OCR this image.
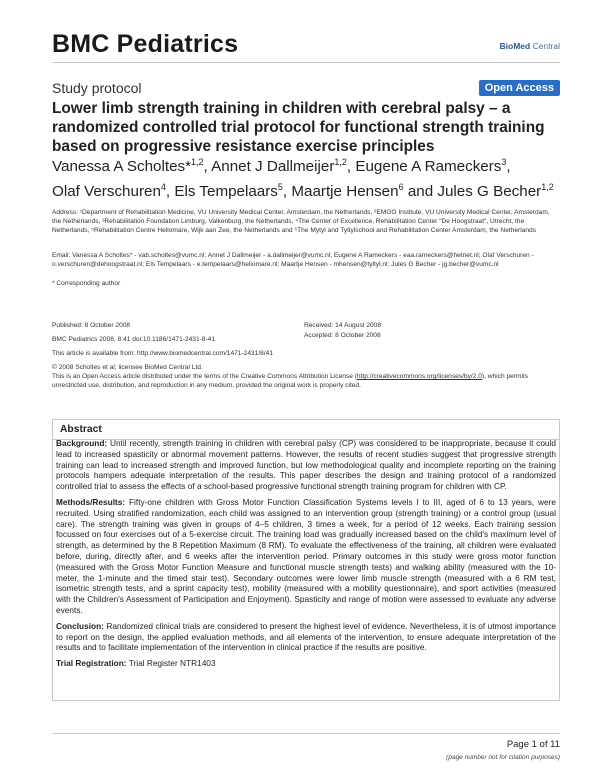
BMC Pediatrics	BioMed Central
Study protocol	Open Access
Lower limb strength training in children with cerebral palsy – a randomized controlled trial protocol for functional strength training based on progressive resistance exercise principles
Vanessa A Scholtes*$^{1,2}$, Annet J Dallmeijer$^{1,2}$, Eugene A Rameckers$^3$,
Olaf Verschuren$^4$, Els Tempelaars$^5$, Maartje Hensen$^6$ and Jules G Becher$^{1,2}$
Address: ¹Department of Rehabilitation Medicine, VU University Medical Center, Amsterdam, the Netherlands, ²EMGO Institute, VU University Medical Center, Amsterdam, the Netherlands, ³Rehabilitation Foundation Limburg, Valkenburg, the Netherlands, ⁴The Center of Excellence, Rehabilitation Center "De Hoogstraat", Utrecht, the Netherlands, ⁵Rehabilitation Centre Heliomare, Wijk aan Zee, the Netherlands and ⁶The Mytyl and Tyltylschool and Rehabilitation Center Amsterdam, the Netherlands
Email: Vanessa A Scholtes* - vab.scholtes@vumc.nl; Annet J Dallmeijer - a.dallmeijer@vumc.nl; Eugene A Rameckers - eaa.rameckers@hetnet.nl; Olaf Verschuren - o.verschuren@dehoogstraat.nl; Els Tempelaars - e.tempelaars@heliomare.nl; Maartje Hensen - mhensen@tyltyl.nl; Jules G Becher - jg.becher@vumc.nl
* Corresponding author
Published: 8 October 2008	Received: 14 August 2008
Accepted: 8 October 2008
BMC Pediatrics 2008, 8:41 doi:10.1186/1471-2431-8-41
This article is available from: http://www.biomedcentral.com/1471-2431/8/41
© 2008 Scholtes et al; licensee BioMed Central Ltd.
This is an Open Access article distributed under the terms of the Creative Commons Attribution License (http://creativecommons.org/licenses/by/2.0), which permits unrestricted use, distribution, and reproduction in any medium, provided the original work is properly cited.
Abstract

Background: Until recently, strength training in children with cerebral palsy (CP) was considered to be inappropriate, because it could lead to increased spasticity or abnormal movement patterns. However, the results of recent studies suggest that progressive strength training can lead to increased strength and improved function, but low methodological quality and incomplete reporting on the training protocols hampers adequate interpretation of the results. This paper describes the design and training protocol of a randomized controlled trial to assess the effects of a school-based progressive functional strength training program for children with CP.

Methods/Results: Fifty-one children with Gross Motor Function Classification Systems levels I to III, aged of 6 to 13 years, were recruited. Using stratified randomization, each child was assigned to an intervention group (strength training) or a control group (usual care). The strength training was given in groups of 4–5 children, 3 times a week, for a period of 12 weeks. Each training session focussed on four exercises out of a 5-exercise circuit. The training load was gradually increased based on the child's maximum level of strength, as determined by the 8 Repetition Maximum (8 RM). To evaluate the effectiveness of the training, all children were evaluated before, during, directly after, and 6 weeks after the intervention period. Primary outcomes in this study were gross motor function (measured with the Gross Motor Function Measure and functional muscle strength tests) and walking ability (measured with the 10-meter, the 1-minute and the timed stair test). Secondary outcomes were lower limb muscle strength (measured with a 6 RM test, isometric strength tests, and a sprint capacity test), mobility (measured with a mobility questionnaire), and sport activities (measured with the Children's Assessment of Participation and Enjoyment). Spasticity and range of motion were assessed to evaluate any adverse events.

Conclusion: Randomized clinical trials are considered to present the highest level of evidence. Nevertheless, it is of utmost importance to report on the design, the applied evaluation methods, and all elements of the intervention, to ensure adequate interpretation of the results and to facilitate implementation of the intervention in clinical practice if the results are positive.

Trial Registration: Trial Register NTR1403

Page 1 of 11
(page number not for citation purposes)
